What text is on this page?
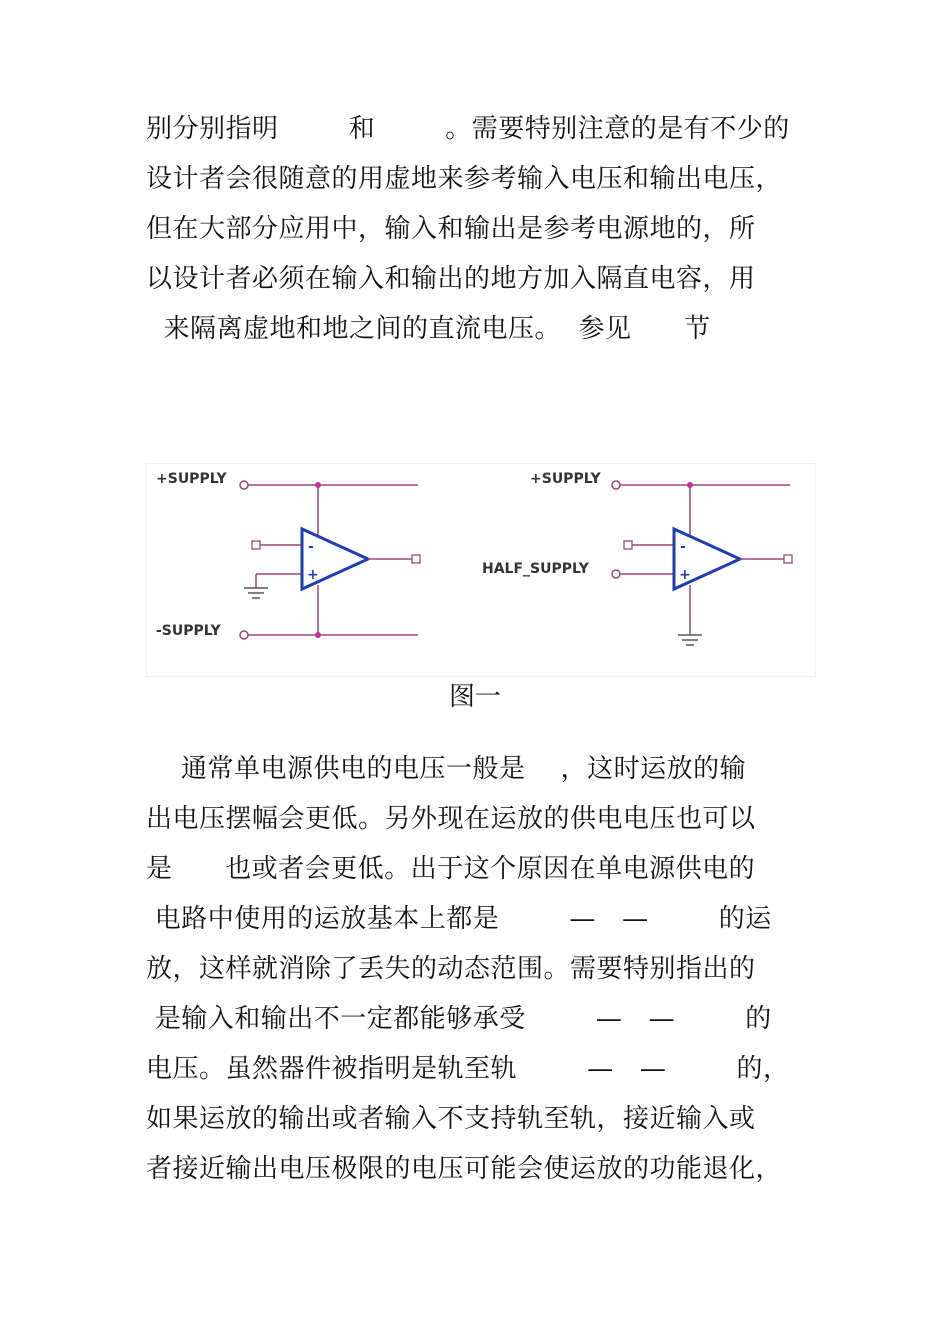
别分别指明        和        。需要特别注意的是有不少的
设计者会很随意的用虚地来参考输入电压和输出电压，
但在大部分应用中，输入和输出是参考电源地的，所
以设计者必须在输入和输出的地方加入隔直电容，用
来隔离虚地和地之间的直流电压。  参见      节
+SUPPLY
-SUPPLY
-
+
+SUPPLY
HALF_SUPPLY
-
+
图一
通常单电源供电的电压一般是    ，这时运放的输
出电压摆幅会更低。另外现在运放的供电电压也可以
是      也或者会更低。出于这个原因在单电源供电的
电路中使用的运放基本上都是        —   —        的运
放，这样就消除了丢失的动态范围。需要特别指出的
是输入和输出不一定都能够承受        —   —        的
电压。虽然器件被指明是轨至轨        —   —        的，
如果运放的输出或者输入不支持轨至轨，接近输入或
者接近输出电压极限的电压可能会使运放的功能退化，
